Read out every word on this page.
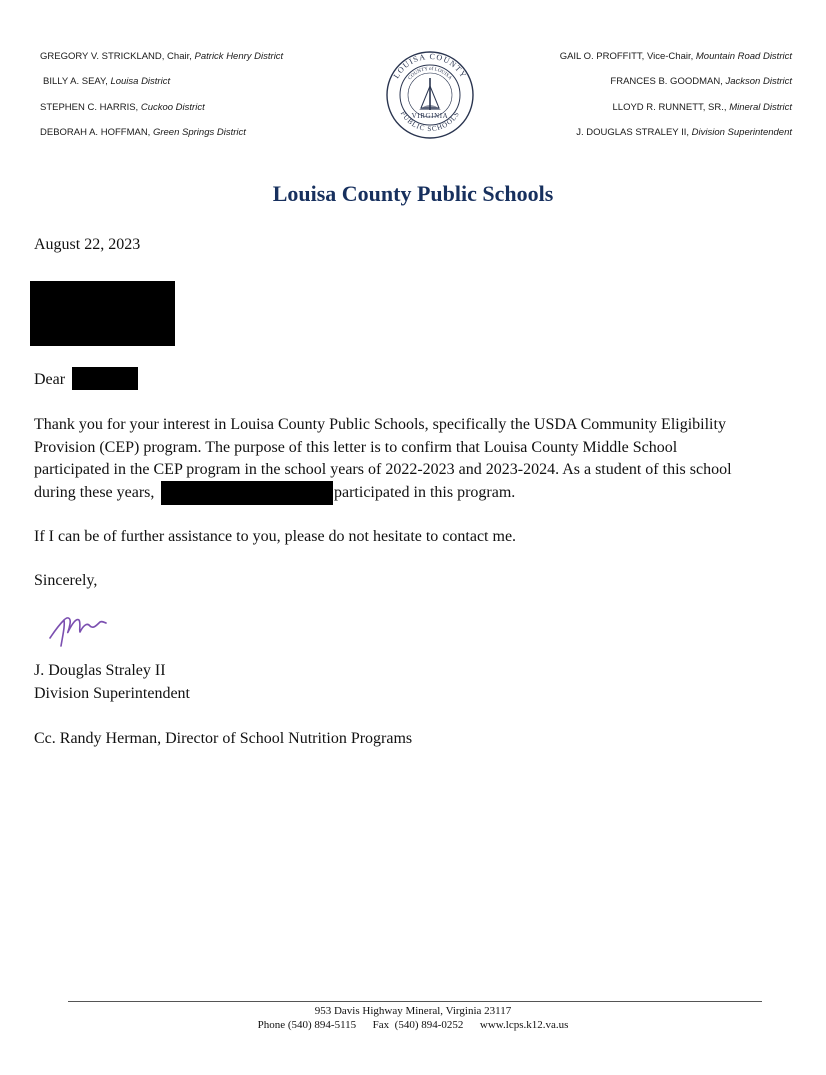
GREGORY V. STRICKLAND, Chair, Patrick Henry District
BILLY A. SEAY, Louisa District
STEPHEN C. HARRIS, Cuckoo District
DEBORAH A. HOFFMAN, Green Springs District
LOUISA COUNTY
PUBLIC SCHOOLS
COUNTY of LOUISA
VIRGINIA
GAIL O. PROFFITT, Vice-Chair, Mountain Road District
FRANCES B. GOODMAN, Jackson District
LLOYD R. RUNNETT, SR., Mineral District
J. DOUGLAS STRALEY II, Division Superintendent
Louisa County Public Schools
August 22, 2023
Dear
Thank you for your interest in Louisa County Public Schools, specifically the USDA Community Eligibility
Provision (CEP) program. The purpose of this letter is to confirm that Louisa County Middle School
participated in the CEP program in the school years of 2022-2023 and 2023-2024. As a student of this school
during these years,	participated in this program.
If I can be of further assistance to you, please do not hesitate to contact me.
Sincerely,
J. Douglas Straley II
Division Superintendent
Cc. Randy Herman, Director of School Nutrition Programs
953 Davis Highway Mineral, Virginia 23117
Phone (540) 894-5115      Fax  (540) 894-0252      www.lcps.k12.va.us
